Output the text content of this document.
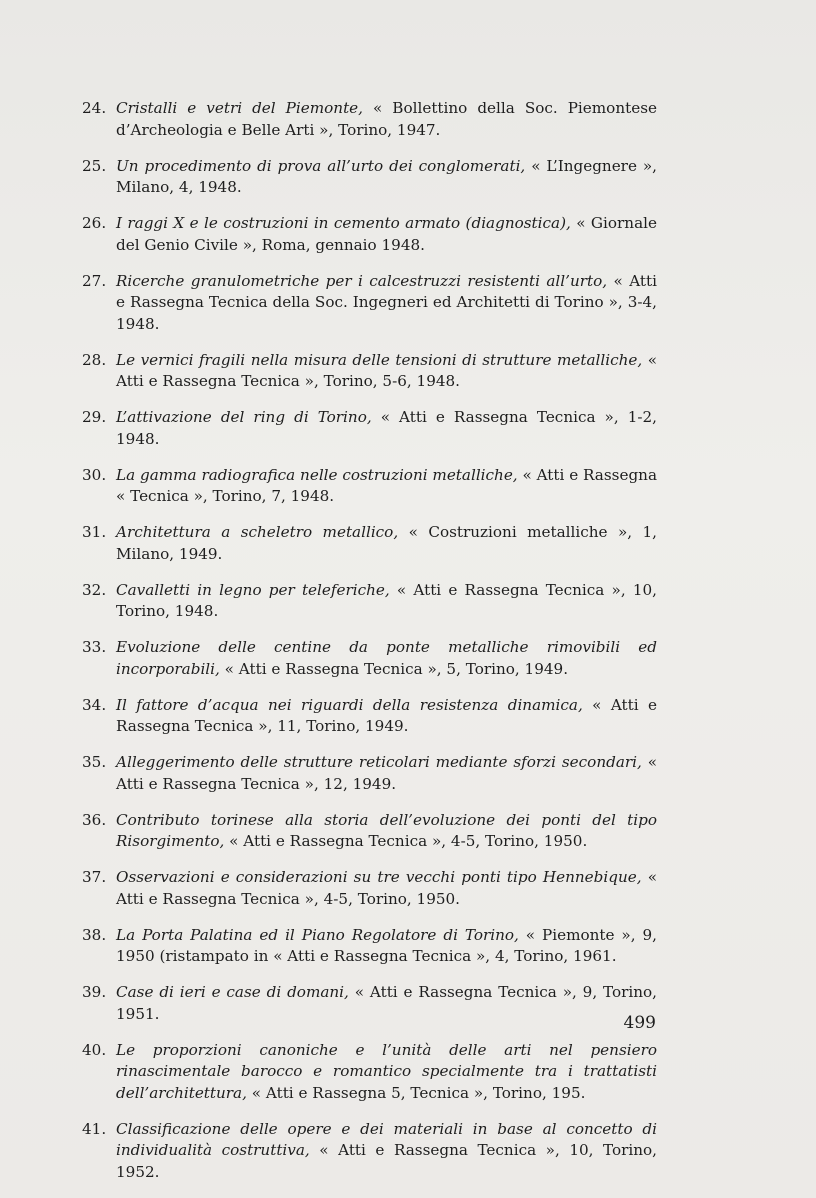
24. Cristalli e vetri del Piemonte, « Bollettino della Soc. Piemontese d’Archeologia e Belle Arti », Torino, 1947.
25. Un procedimento di prova all’urto dei conglomerati, « L’Ingegnere », Milano, 4, 1948.
26. I raggi X e le costruzioni in cemento armato (diagnostica), « Giornale del Genio Civile », Roma, gennaio 1948.
27. Ricerche granulometriche per i calcestruzzi resistenti all’urto, « Atti e Rassegna Tecnica della Soc. Ingegneri ed Architetti di Torino », 3-4, 1948.
28. Le vernici fragili nella misura delle tensioni di strutture metalliche, « Atti e Rassegna Tecnica », Torino, 5-6, 1948.
29. L’attivazione del ring di Torino, « Atti e Rassegna Tecnica », 1-2, 1948.
30. La gamma radiografica nelle costruzioni metalliche, « Atti e Rassegna « Tecnica », Torino, 7, 1948.
31. Architettura a scheletro metallico, « Costruzioni metalliche », 1, Milano, 1949.
32. Cavalletti in legno per teleferiche, « Atti e Rassegna Tecnica », 10, Torino, 1948.
33. Evoluzione delle centine da ponte metalliche rimovibili ed incorporabili, « Atti e Rassegna Tecnica », 5, Torino, 1949.
34. Il fattore d’acqua nei riguardi della resistenza dinamica, « Atti e Rassegna Tecnica », 11, Torino, 1949.
35. Alleggerimento delle strutture reticolari mediante sforzi secondari, « Atti e Rassegna Tecnica », 12, 1949.
36. Contributo torinese alla storia dell’evoluzione dei ponti del tipo Risorgimento, « Atti e Rassegna Tecnica », 4-5, Torino, 1950.
37. Osservazioni e considerazioni su tre vecchi ponti tipo Hennebique, « Atti e Rassegna Tecnica », 4-5, Torino, 1950.
38. La Porta Palatina ed il Piano Regolatore di Torino, « Piemonte », 9, 1950 (ristampato in « Atti e Rassegna Tecnica », 4, Torino, 1961.
39. Case di ieri e case di domani, « Atti e Rassegna Tecnica », 9, Torino, 1951.
40. Le proporzioni canoniche e l’unità delle arti nel pensiero rinascimentale barocco e romantico specialmente tra i trattatisti dell’architettura, « Atti e Rassegna 5, Tecnica », Torino, 195.
41. Classificazione delle opere e dei materiali in base al concetto di individualità costruttiva, « Atti e Rassegna Tecnica », 10, Torino, 1952.
499
